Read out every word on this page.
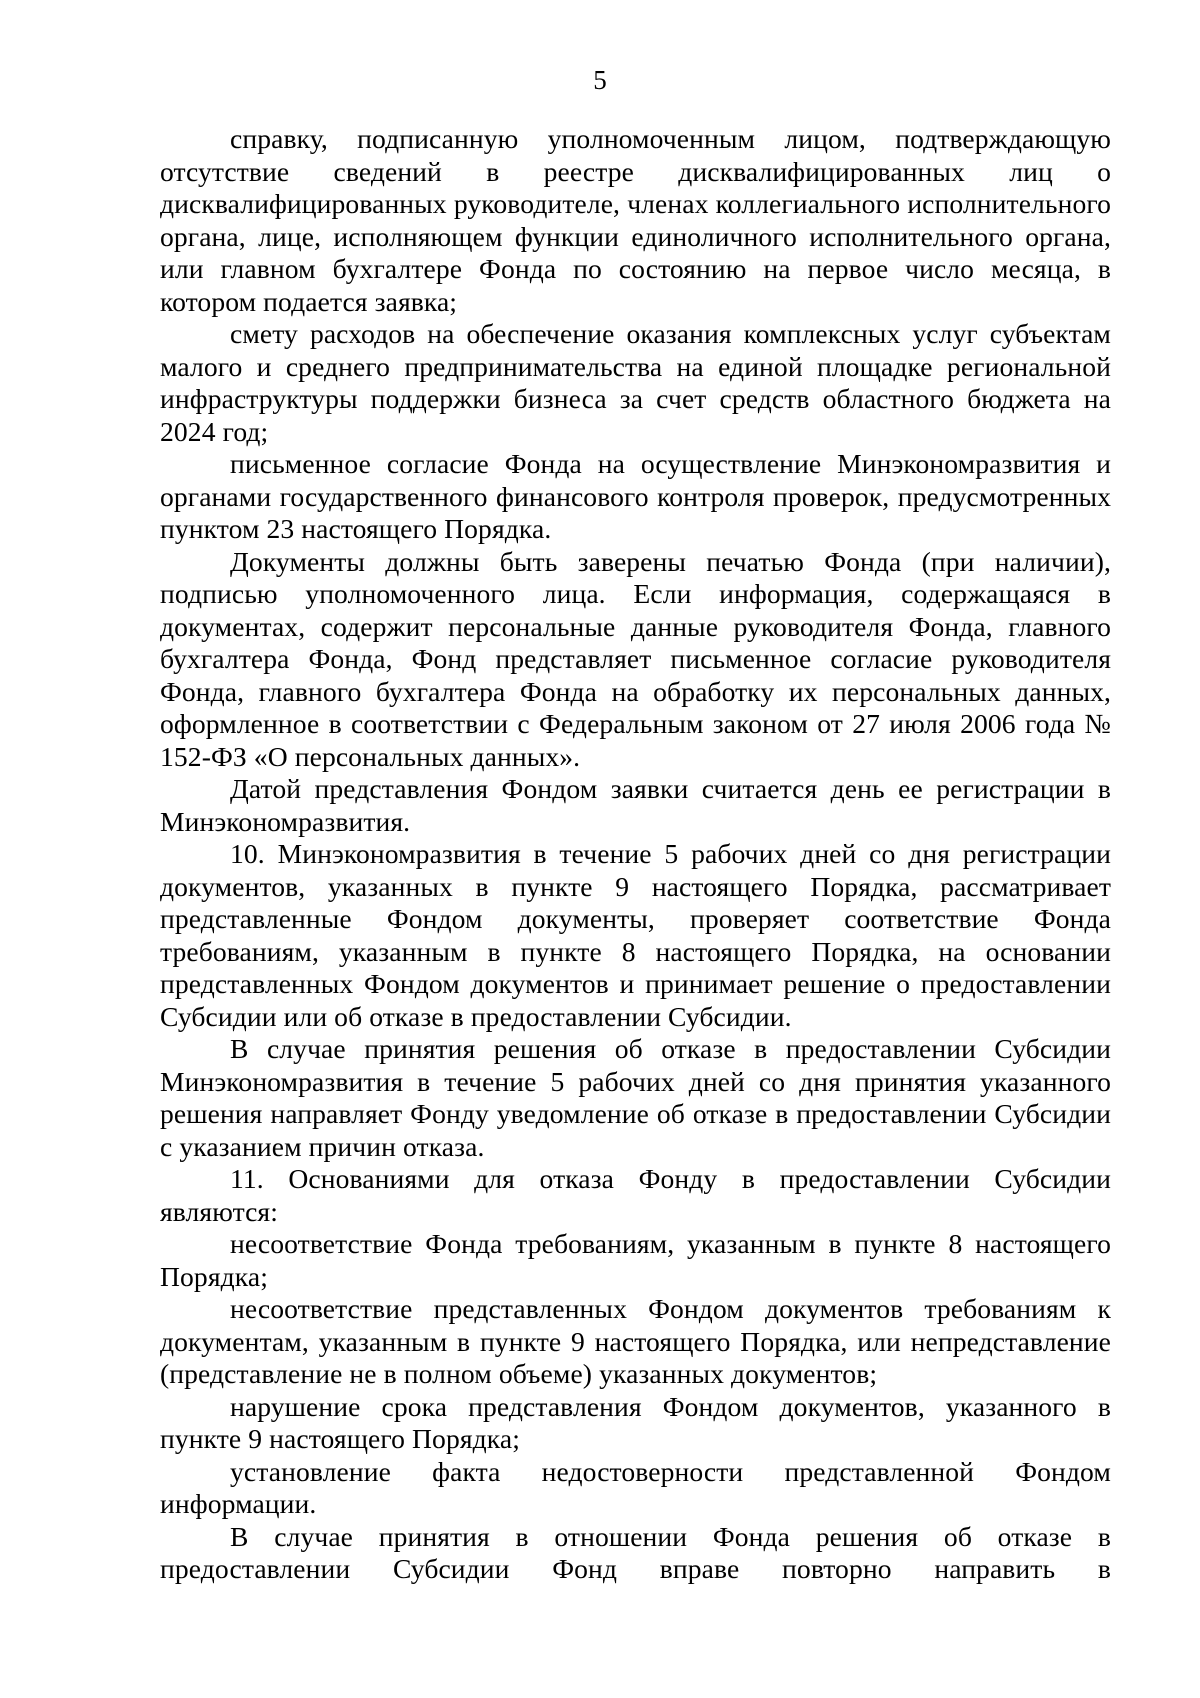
5

справку, подписанную уполномоченным лицом, подтверждающую отсутствие сведений в реестре дисквалифицированных лиц о дисквалифицированных руководителе, членах коллегиального исполнительного органа, лице, исполняющем функции единоличного исполнительного органа, или главном бухгалтере Фонда по состоянию на первое число месяца, в котором подается заявка;

смету расходов на обеспечение оказания комплексных услуг субъектам малого и среднего предпринимательства на единой площадке региональной инфраструктуры поддержки бизнеса за счет средств областного бюджета на 2024 год;

письменное согласие Фонда на осуществление Минэкономразвития и органами государственного финансового контроля проверок, предусмотренных пунктом 23 настоящего Порядка.

Документы должны быть заверены печатью Фонда (при наличии), подписью уполномоченного лица. Если информация, содержащаяся в документах, содержит персональные данные руководителя Фонда, главного бухгалтера Фонда, Фонд представляет письменное согласие руководителя Фонда, главного бухгалтера Фонда на обработку их персональных данных, оформленное в соответствии с Федеральным законом от 27 июля 2006 года № 152-ФЗ «О персональных данных».

Датой представления Фондом заявки считается день ее регистрации в Минэкономразвития.

10. Минэкономразвития в течение 5 рабочих дней со дня регистрации документов, указанных в пункте 9 настоящего Порядка, рассматривает представленные Фондом документы, проверяет соответствие Фонда требованиям, указанным в пункте 8 настоящего Порядка, на основании представленных Фондом документов и принимает решение о предоставлении Субсидии или об отказе в предоставлении Субсидии.

В случае принятия решения об отказе в предоставлении Субсидии Минэкономразвития в течение 5 рабочих дней со дня принятия указанного решения направляет Фонду уведомление об отказе в предоставлении Субсидии с указанием причин отказа.

11. Основаниями для отказа Фонду в предоставлении Субсидии являются:

несоответствие Фонда требованиям, указанным в пункте 8 настоящего Порядка;

несоответствие представленных Фондом документов требованиям к документам, указанным в пункте 9 настоящего Порядка, или непредставление (представление не в полном объеме) указанных документов;

нарушение срока представления Фондом документов, указанного в пункте 9 настоящего Порядка;

установление факта недостоверности представленной Фондом информации.

В случае принятия в отношении Фонда решения об отказе в предоставлении Субсидии Фонд вправе повторно направить в
